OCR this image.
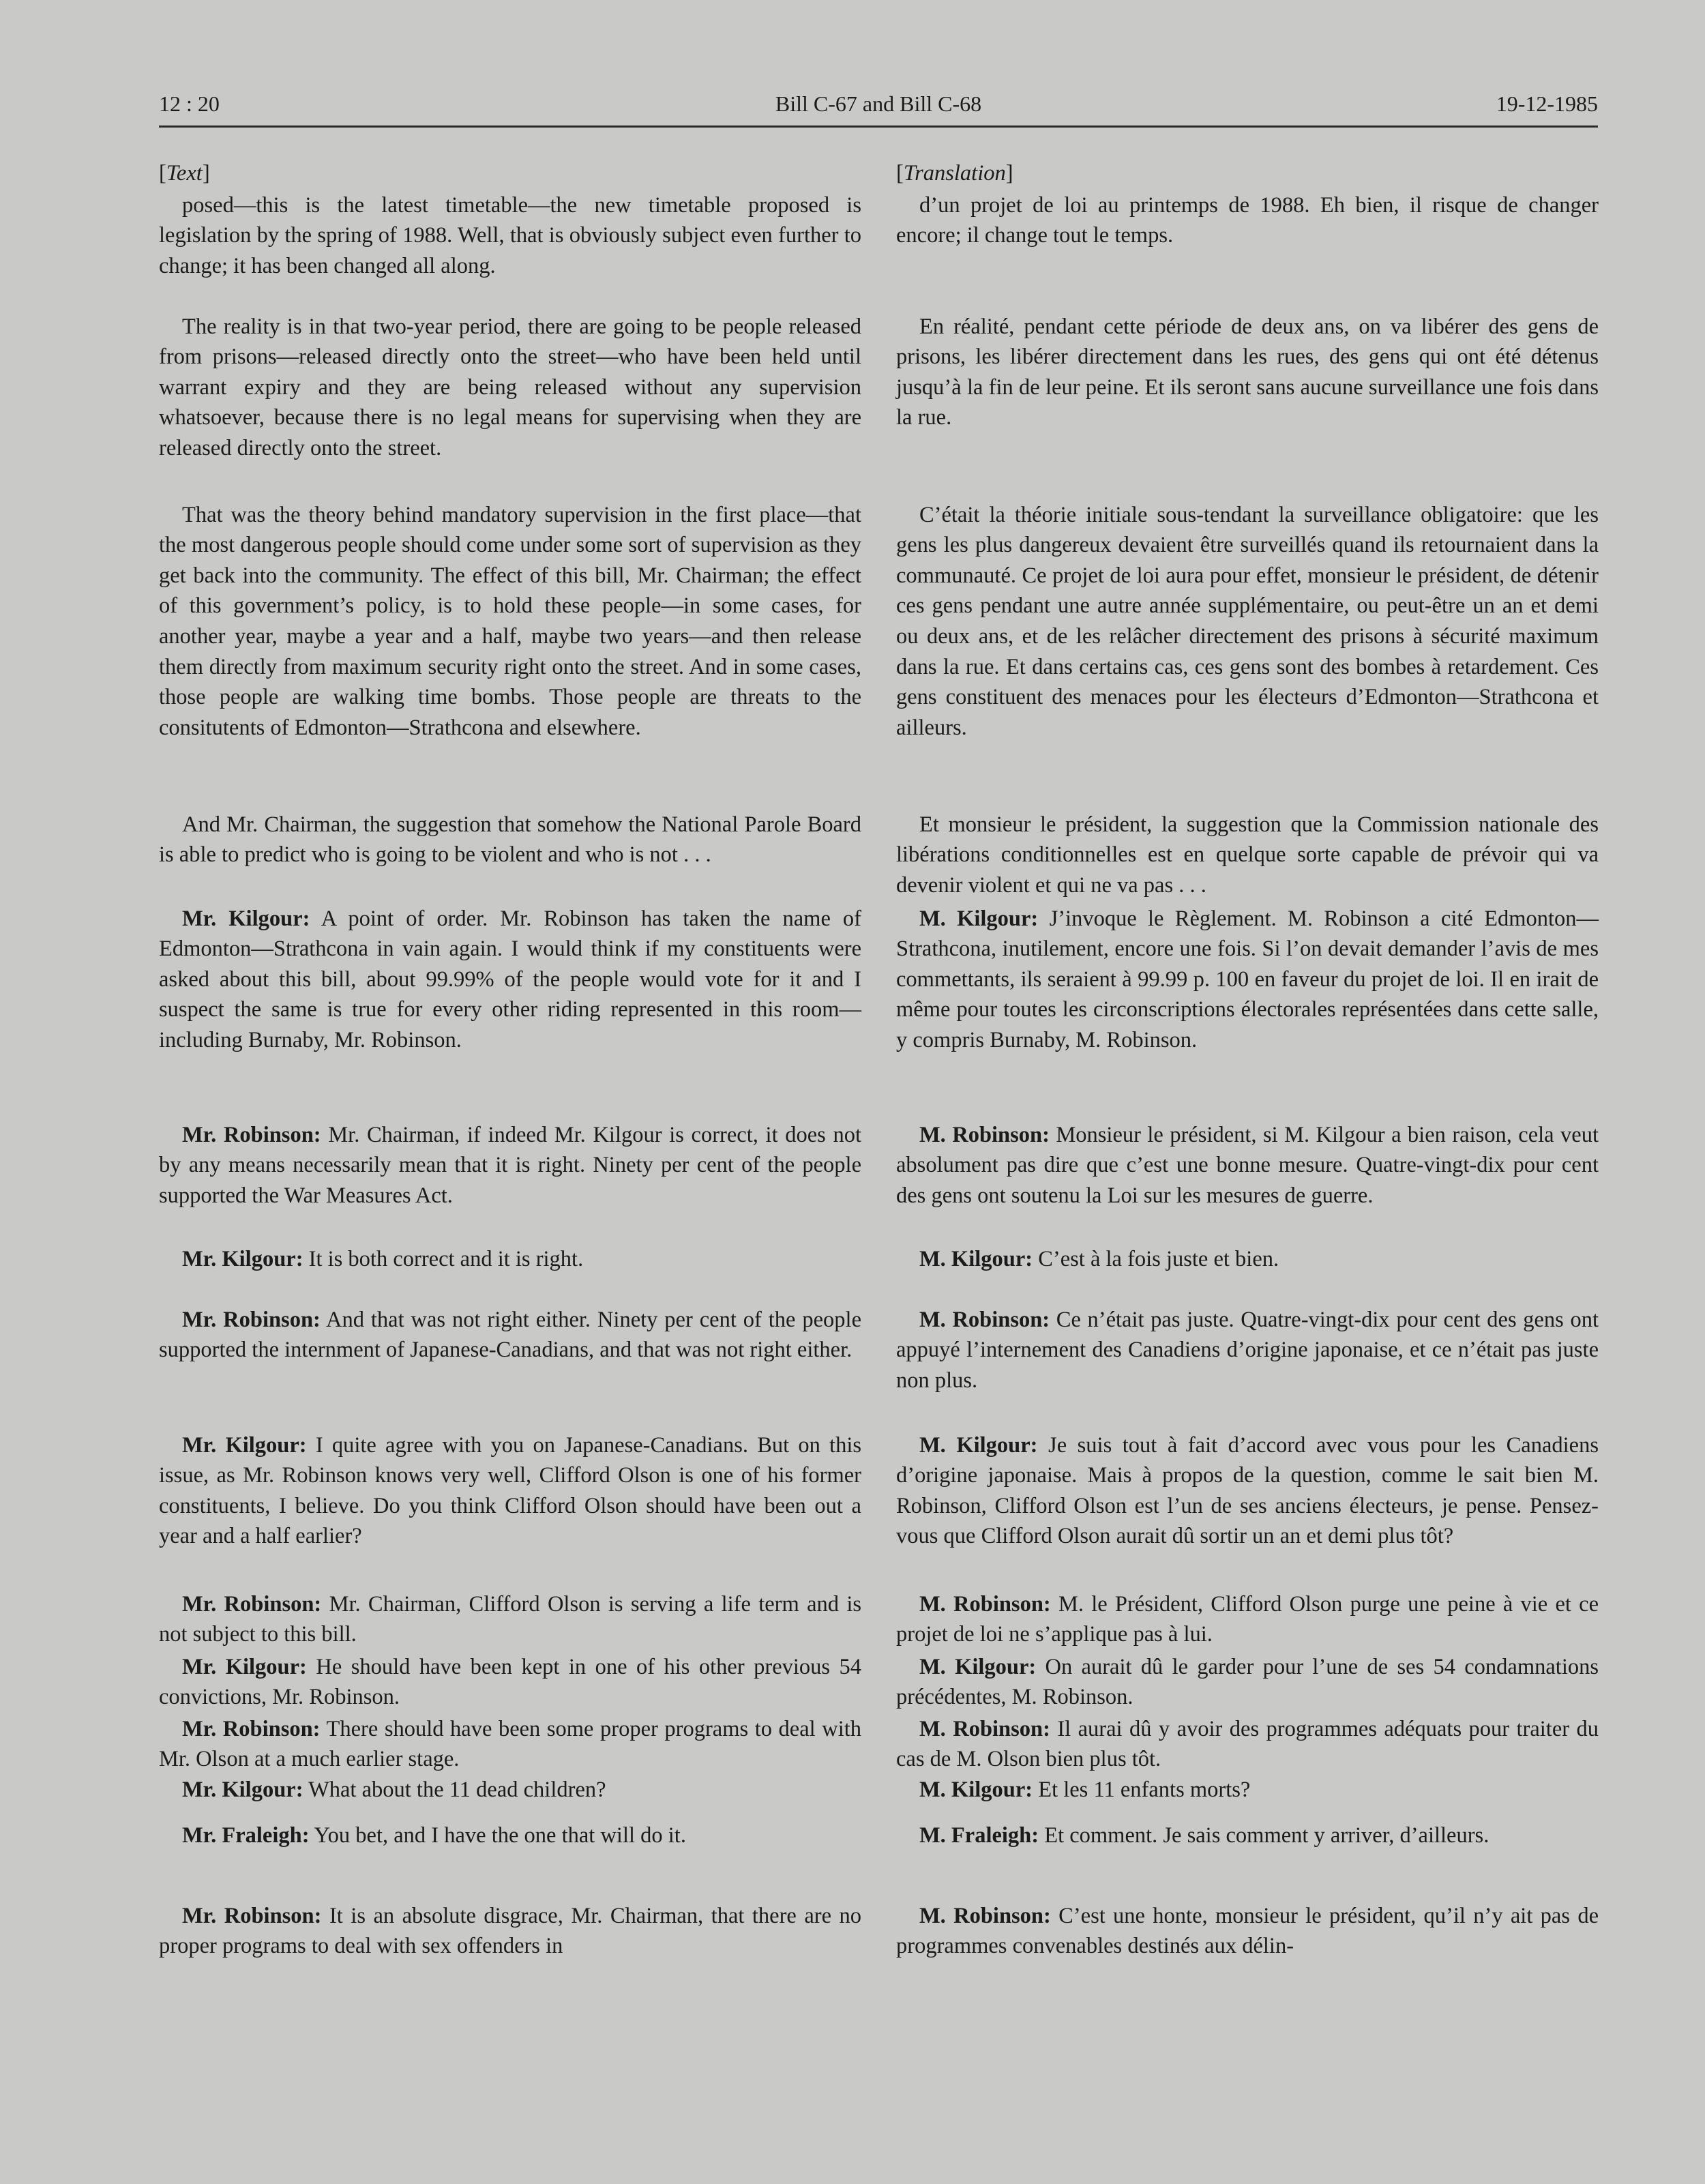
12 : 20	Bill C-67 and Bill C-68	19-12-1985
[Text]

posed—this is the latest timetable—the new timetable proposed is legislation by the spring of 1988. Well, that is obviously subject even further to change; it has been changed all along.

The reality is in that two-year period, there are going to be people released from prisons—released directly onto the street—who have been held until warrant expiry and they are being released without any supervision whatsoever, because there is no legal means for supervising when they are released directly onto the street.

That was the theory behind mandatory supervision in the first place—that the most dangerous people should come under some sort of supervision as they get back into the community. The effect of this bill, Mr. Chairman; the effect of this government’s policy, is to hold these people—in some cases, for another year, maybe a year and a half, maybe two years—and then release them directly from maximum security right onto the street. And in some cases, those people are walking time bombs. Those people are threats to the consitutents of Edmonton—Strathcona and elsewhere.

And Mr. Chairman, the suggestion that somehow the National Parole Board is able to predict who is going to be violent and who is not . . .

Mr. Kilgour: A point of order. Mr. Robinson has taken the name of Edmonton—Strathcona in vain again. I would think if my constituents were asked about this bill, about 99.99% of the people would vote for it and I suspect the same is true for every other riding represented in this room—including Burnaby, Mr. Robinson.

Mr. Robinson: Mr. Chairman, if indeed Mr. Kilgour is correct, it does not by any means necessarily mean that it is right. Ninety per cent of the people supported the War Measures Act.

Mr. Kilgour: It is both correct and it is right.

Mr. Robinson: And that was not right either. Ninety per cent of the people supported the internment of Japanese-Canadians, and that was not right either.

Mr. Kilgour: I quite agree with you on Japanese-Canadians. But on this issue, as Mr. Robinson knows very well, Clifford Olson is one of his former constituents, I believe. Do you think Clifford Olson should have been out a year and a half earlier?

Mr. Robinson: Mr. Chairman, Clifford Olson is serving a life term and is not subject to this bill.

Mr. Kilgour: He should have been kept in one of his other previous 54 convictions, Mr. Robinson.

Mr. Robinson: There should have been some proper programs to deal with Mr. Olson at a much earlier stage.

Mr. Kilgour: What about the 11 dead children?

Mr. Fraleigh: You bet, and I have the one that will do it.

Mr. Robinson: It is an absolute disgrace, Mr. Chairman, that there are no proper programs to deal with sex offenders in

[Translation]

d’un projet de loi au printemps de 1988. Eh bien, il risque de changer encore; il change tout le temps.

En réalité, pendant cette période de deux ans, on va libérer des gens de prisons, les libérer directement dans les rues, des gens qui ont été détenus jusqu’à la fin de leur peine. Et ils seront sans aucune surveillance une fois dans la rue.

C’était la théorie initiale sous-tendant la surveillance obligatoire: que les gens les plus dangereux devaient être surveillés quand ils retournaient dans la communauté. Ce projet de loi aura pour effet, monsieur le président, de détenir ces gens pendant une autre année supplémentaire, ou peut-être un an et demi ou deux ans, et de les relâcher directement des prisons à sécurité maximum dans la rue. Et dans certains cas, ces gens sont des bombes à retardement. Ces gens constituent des menaces pour les électeurs d’Edmonton—Strathcona et ailleurs.

Et monsieur le président, la suggestion que la Commission nationale des libérations conditionnelles est en quelque sorte capable de prévoir qui va devenir violent et qui ne va pas . . .

M. Kilgour: J’invoque le Règlement. M. Robinson a cité Edmonton—Strathcona, inutilement, encore une fois. Si l’on devait demander l’avis de mes commettants, ils seraient à 99.99 p. 100 en faveur du projet de loi. Il en irait de même pour toutes les circonscriptions électorales représentées dans cette salle, y compris Burnaby, M. Robinson.

M. Robinson: Monsieur le président, si M. Kilgour a bien raison, cela veut absolument pas dire que c’est une bonne mesure. Quatre-vingt-dix pour cent des gens ont soutenu la Loi sur les mesures de guerre.

M. Kilgour: C’est à la fois juste et bien.

M. Robinson: Ce n’était pas juste. Quatre-vingt-dix pour cent des gens ont appuyé l’internement des Canadiens d’origine japonaise, et ce n’était pas juste non plus.

M. Kilgour: Je suis tout à fait d’accord avec vous pour les Canadiens d’origine japonaise. Mais à propos de la question, comme le sait bien M. Robinson, Clifford Olson est l’un de ses anciens électeurs, je pense. Pensez-vous que Clifford Olson aurait dû sortir un an et demi plus tôt?

M. Robinson: M. le Président, Clifford Olson purge une peine à vie et ce projet de loi ne s’applique pas à lui.

M. Kilgour: On aurait dû le garder pour l’une de ses 54 condamnations précédentes, M. Robinson.

M. Robinson: Il aurai dû y avoir des programmes adéquats pour traiter du cas de M. Olson bien plus tôt.

M. Kilgour: Et les 11 enfants morts?

M. Fraleigh: Et comment. Je sais comment y arriver, d’ailleurs.

M. Robinson: C’est une honte, monsieur le président, qu’il n’y ait pas de programmes convenables destinés aux délin-
